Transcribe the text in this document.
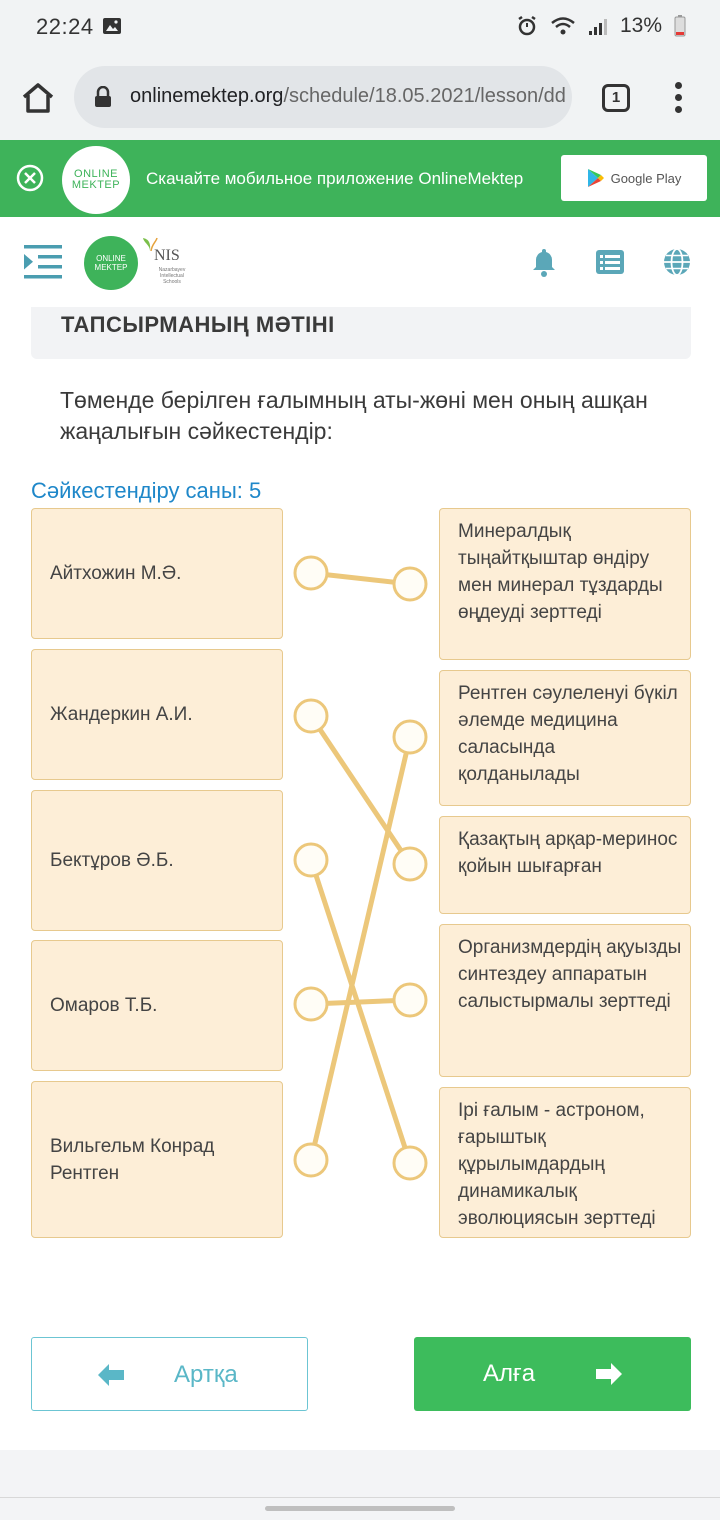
22:24	13%
onlinemektep.org/schedule/18.05.2021/lesson/dd	1
ONLINE
MEKTEP Скачайте мобильное приложение OnlineMektep	Google Play
ONLINE
MEKTEP
NIS
Nazarbayev Intellectual Schools
ТАПСЫРМАНЫҢ МӘТІНІ
Төменде берілген ғалымның аты-жөні мен оның ашқан жаңалығын сәйкестендір:
Сәйкестендіру саны: 5
Айтхожин М.Ә.
Жандеркин А.И.
Бектұров Ә.Б.
Омаров Т.Б.
Вильгельм Конрад Рентген
Минералдық тыңайтқыштар өндіру мен минерал тұздарды өңдеуді зерттеді
Рентген сәулеленуі бүкіл әлемде медицина саласында қолданылады
Қазақтың арқар-меринос қойын шығарған
Организмдердің ақуызды синтездеу аппаратын салыстырмалы зерттеді
Ірі ғалым - астроном, ғарыштық құрылымдардың динамикалық эволюциясын зерттеді
Артқа	Алға
